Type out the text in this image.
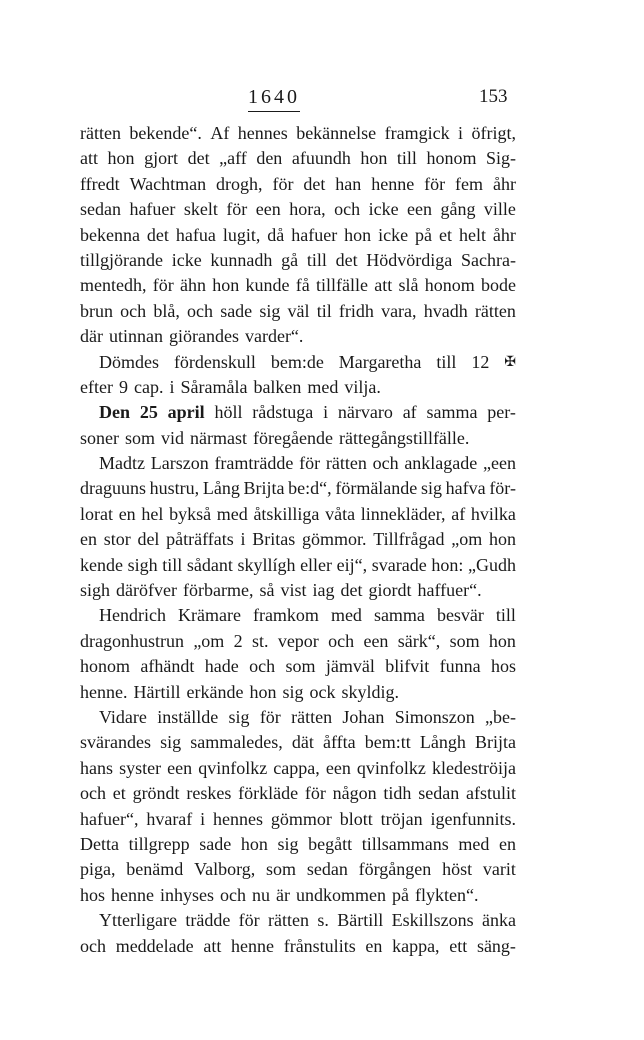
1640	153
rätten bekende“. Af hennes bekännelse framgick i öfrigt,
att hon gjort det „aff den afuundh hon till honom Sig-
ffredt Wachtman drogh, för det han henne för fem åhr
sedan hafuer skelt för een hora, och icke een gång ville
bekenna det hafua lugit, då hafuer hon icke på et helt åhr
tillgjörande icke kunnadh gå till det Hödvördiga Sachra-
mentedh, för ähn hon kunde få tillfälle att slå honom bode
brun och blå, och sade sig väl til fridh vara, hvadh rätten
där utinnan giörandes varder“.
Dömdes fördenskull bem:de Margaretha till 12 ✠
efter 9 cap. i Såramåla balken med vilja.
Den 25 april höll rådstuga i närvaro af samma per-
soner som vid närmast föregående rättegångstillfälle.
Madtz Larszon framträdde för rätten och anklagade „een
draguuns hustru, Lång Brijta be:d“, förmälande sig hafva för-
lorat en hel bykså med åtskilliga våta linnekläder, af hvilka
en stor del påträffats i Britas gömmor. Tillfrågad „om hon
kende sigh till sådant skyllígh eller eij“, svarade hon: „Gudh
sigh däröfver förbarme, så vist iag det giordt haffuer“.
Hendrich Krämare framkom med samma besvär till
dragonhustrun „om 2 st. vepor och een särk“, som hon
honom afhändt hade och som jämväl blifvit funna hos
henne. Härtill erkände hon sig ock skyldig.
Vidare inställde sig för rätten Johan Simonszon „be-
svärandes sig sammaledes, dät åffta bem:tt Långh Brijta
hans syster een qvinfolkz cappa, een qvinfolkz kledeströija
och et gröndt reskes förkläde för någon tidh sedan afstulit
hafuer“, hvaraf i hennes gömmor blott tröjan igenfunnits.
Detta tillgrepp sade hon sig begått tillsammans med en
piga, benämd Valborg, som sedan förgången höst varit
hos henne inhyses och nu är undkommen på flykten“.
Ytterligare trädde för rätten s. Bärtill Eskillszons änka
och meddelade att henne frånstulits en kappa, ett säng-
